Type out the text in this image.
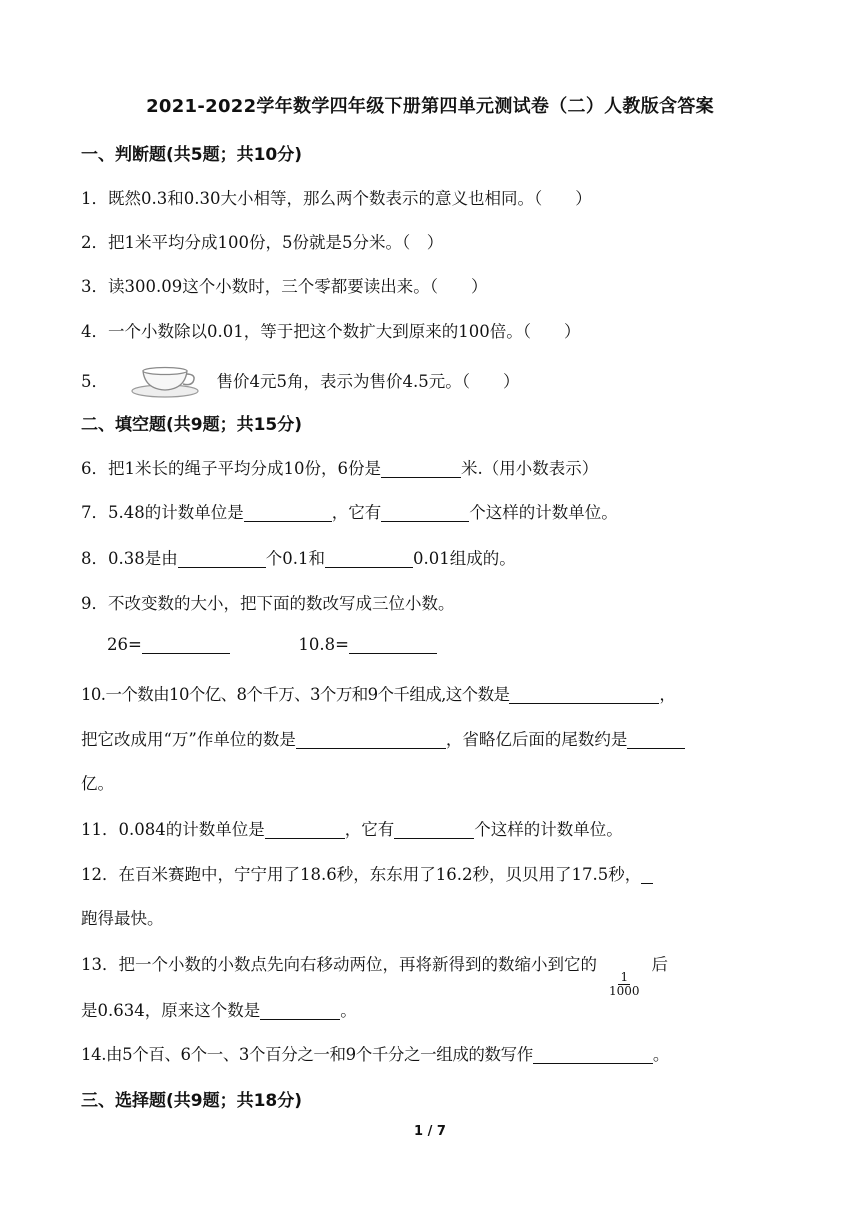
2021-2022学年数学四年级下册第四单元测试卷（二）人教版含答案
一、判断题(共5题；共10分)
1．既然0.3和0.30大小相等，那么两个数表示的意义也相同。（　　）
2．把1米平均分成100份，5份就是5分米。（　）
3．读300.09这个小数时，三个零都要读出来。（　　）
4．一个小数除以0.01，等于把这个数扩大到原来的100倍。（　　）
5．	售价4元5角，表示为售价4.5元。（　　）
二、填空题(共9题；共15分)
6．把1米长的绳子平均分成10份，6份是	米.（用小数表示）
7．5.48的计数单位是	，它有	个这样的计数单位。
8．0.38是由	个0.1和	0.01组成的。
9．不改变数的大小，把下面的数改写成三位小数。
26=	10.8=
10.一个数由10个亿、8个千万、3个万和9个千组成,这个数是	，
把它改成用“万”作单位的数是	，省略亿后面的尾数约是
亿。
11．0.084的计数单位是	，它有	个这样的计数单位。
12．在百米赛跑中，宁宁用了18.6秒，东东用了16.2秒，贝贝用了17.5秒，
跑得最快。
13．把一个小数的小数点先向右移动两位，再将新得到的数缩小到它的
$\frac{1}{1000}$
后
是0.634，原来这个数是	。
14.由5个百、6个一、3个百分之一和9个千分之一组成的数写作	。
三、选择题(共9题；共18分)
1 / 7
